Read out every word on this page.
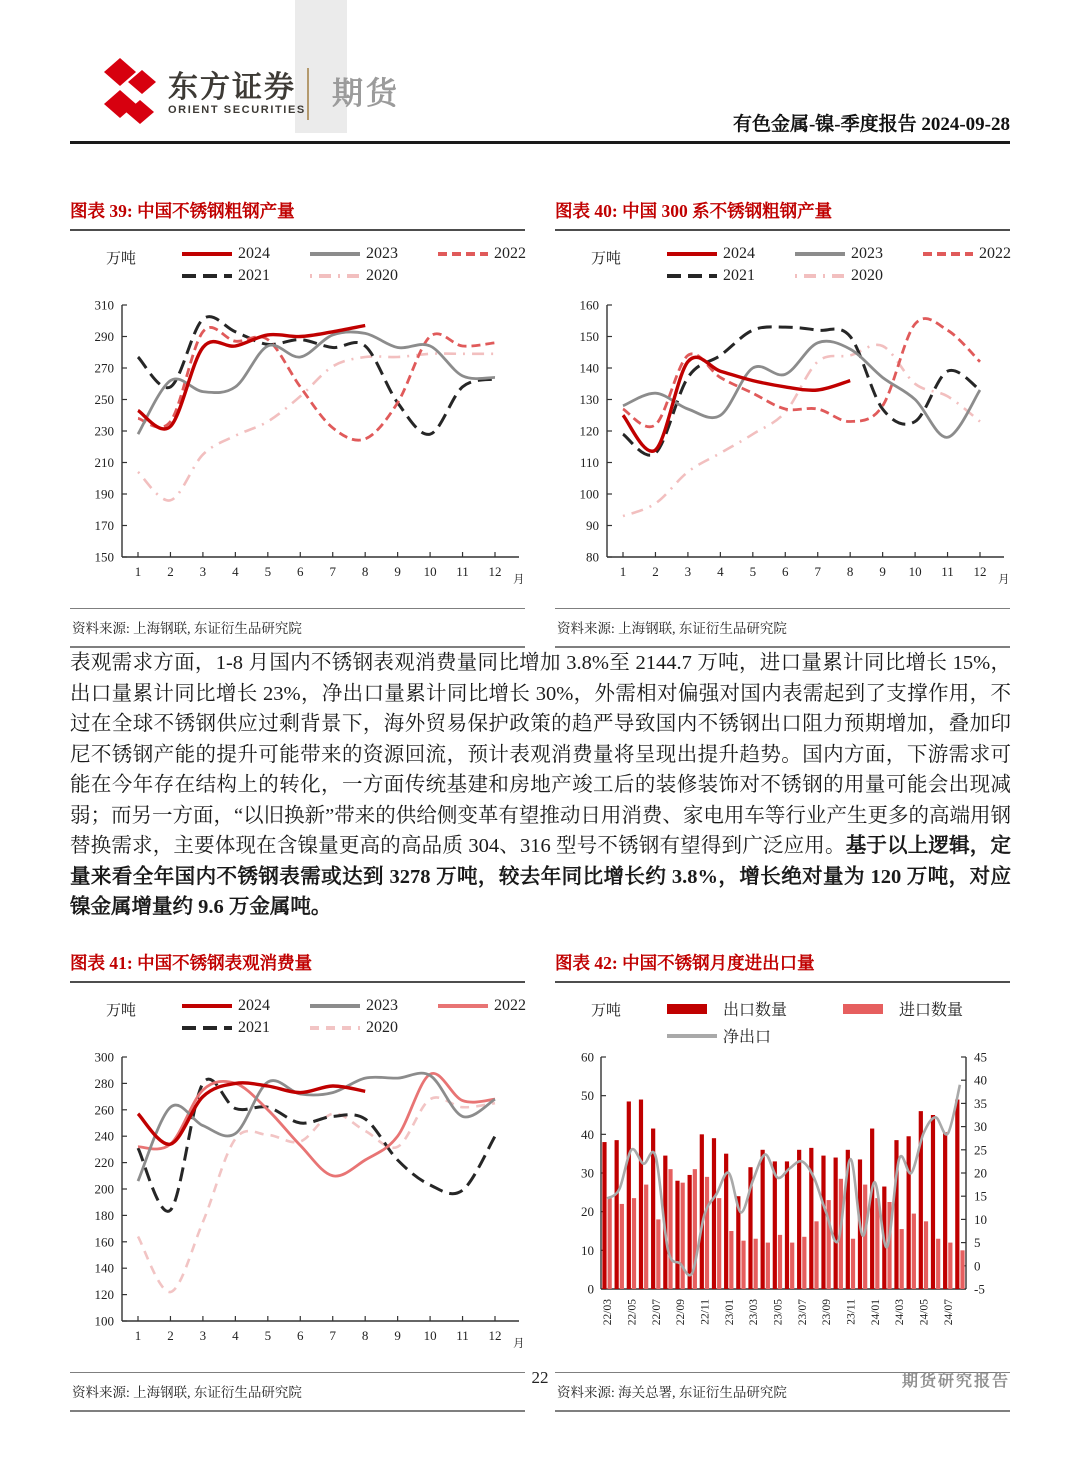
东方证券
ORIENT SECURITIES 期货
有色金属-镍-季度报告 2024-09-28
图表 39: 中国不锈钢粗钢产量
万吨	2024	2023	2022
2021	2020
150
170
190
210
230
250
270
290
310
1 2 3 4 5 6 7 8 9 10 11 12
月
资料来源: 上海钢联, 东证衍生品研究院
图表 40: 中国 300 系不锈钢粗钢产量
万吨	2024	2023	2022
2021	2020
80
90
100
110
120
130
140
150
160
1 2 3 4 5 6 7 8 9 10 11 12
月
资料来源: 上海钢联, 东证衍生品研究院

表观需求方面，1-8 月国内不锈钢表观消费量同比增加 3.8%至 2144.7 万吨，进口量累计同比增长 15%，出口量累计同比增长 23%，净出口量累计同比增长 30%，外需相对偏强对国内表需起到了支撑作用，不过在全球不锈钢供应过剩背景下，海外贸易保护政策的趋严导致国内不锈钢出口阻力预期增加，叠加印尼不锈钢产能的提升可能带来的资源回流，预计表观消费量将呈现出提升趋势。国内方面，下游需求可能在今年存在结构上的转化，一方面传统基建和房地产竣工后的装修装饰对不锈钢的用量可能会出现减弱；而另一方面，“以旧换新”带来的供给侧变革有望推动日用消费、家电用车等行业产生更多的高端用钢替换需求，主要体现在含镍量更高的高品质 304、316 型号不锈钢有望得到广泛应用。基于以上逻辑，定量来看全年国内不锈钢表需或达到 3278 万吨，较去年同比增长约 3.8%，增长绝对量为 120 万吨，对应镍金属增量约 9.6 万金属吨。

图表 41: 中国不锈钢表观消费量
万吨	2024	2023	2022
2021	2020
100
120
140
160
180
200
220
240
260
280
300
1 2 3 4 5 6 7 8 9 10 11 12
月
资料来源: 上海钢联, 东证衍生品研究院
图表 42: 中国不锈钢月度进出口量
万吨	出口数量	进口数量
净出口
0
10
20
30
40
50
60
-5
0
5
10
15
20
25
30
35
40
45
22/03 22/05 22/07 22/09 22/11 23/01 23/03 23/05 23/07 23/09 23/11 24/01 24/03 24/05 24/07
资料来源: 海关总署, 东证衍生品研究院
22	期货研究报告
